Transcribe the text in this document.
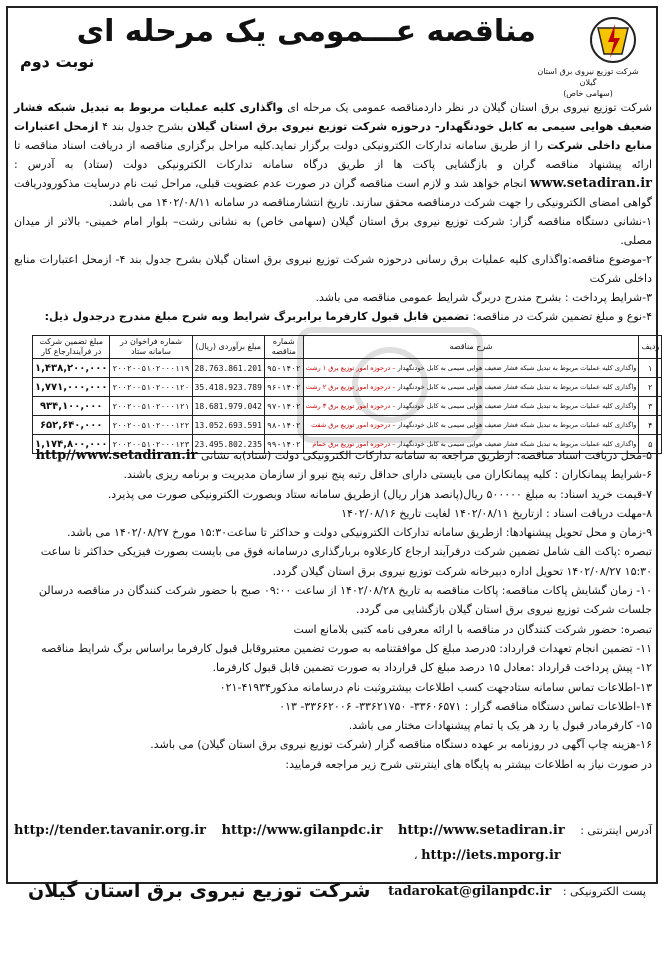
مناقصه عـــمومی یک مرحله ای
نوبت دوم
شرکت توزیع نیروی برق استان گیلان
(سهامی خاص)

شرکت توزیع نیروی برق استان گیلان در نظر داردمناقصه عمومی یک مرحله ای واگذاری کلیه عملیات مربوط به تبدیل شبکه فشار ضعیف هوایی سیمی به کابل خودنگهدار- درحوزه شرکت توزیع نیروی برق استان گیلان بشرح جدول بند ۴ ازمحل اعتبارات منابع داخلی شرکت را از طریق سامانه تدارکات الکترونیکی دولت برگزار نماید.کلیه مراحل برگزاری مناقصه از دریافت اسناد مناقصه تا ارائه پیشنهاد مناقصه گران و بازگشایی پاکت ها از طریق درگاه سامانه تدارکات الکترونیکی دولت (ستاد) به آدرس : www.setadiran.ir انجام خواهد شد و لازم است مناقصه گران در صورت عدم عضویت قبلی، مراحل ثبت نام درسایت مذکورودریافت گواهی امضای الکترونیکی را جهت شرکت درمناقصه محقق سازند. تاریخ انتشارمناقصه در سامانه ۱۴۰۲/۰۸/۱۱ می باشد.

۱-نشانی دستگاه مناقصه گزار: شرکت توزیع نیروی برق استان گیلان (سهامی خاص) به نشانی رشت– بلوار امام خمینی- بالاتر از میدان مصلی.

۲-موضوع مناقصه:واگذاری کلیه عملیات برق رسانی درحوزه شرکت توزیع نیروی برق استان گیلان بشرح جدول بند ۴- ازمحل اعتبارات منابع داخلی شرکت

۳-شرایط پرداخت : بشرح مندرج دربرگ شرایط عمومی مناقصه می باشد.

۴-نوع و مبلغ تضمین شرکت در مناقصه: تضمین قابل قبول کارفرما برابربرگ شرایط وبه شرح مبلغ مندرج درجدول ذیل:

ردیف	شرح مناقصه	شماره مناقصه	مبلغ برآوردی (ریال)	شماره فراخوان در سامانه ستاد	مبلغ تضمین شرکت در فرآیندارجاع کار
۱	واگذاری کلیه عملیات مربوط به تبدیل شبکه فشار ضعیف هوایی سیمی به کابل خودنگهدار – درحوزه امور توزیع برق ۱ رشت	۹۵-۱۴۰۲	28.763.861.201	۲۰۰۲۰۰۵۱۰۲۰۰۰۱۱۹	۱,۴۳۸,۲۰۰,۰۰۰
۲	واگذاری کلیه عملیات مربوط به تبدیل شبکه فشار ضعیف هوایی سیمی به کابل خودنگهدار – درحوزه امور توزیع برق ۲ رشت	۹۶-۱۴۰۲	35.418.923.789	۲۰۰۲۰۰۵۱۰۲۰۰۰۱۲۰	۱,۷۷۱,۰۰۰,۰۰۰
۳	واگذاری کلیه عملیات مربوط به تبدیل شبکه فشار ضعیف هوایی سیمی به کابل خودنگهدار – درحوزه امور توزیع برق ۳ رشت	۹۷-۱۴۰۲	18.681.979.042	۲۰۰۲۰۰۵۱۰۲۰۰۰۱۲۱	۹۳۴,۱۰۰,۰۰۰
۴	واگذاری کلیه عملیات مربوط به تبدیل شبکه فشار ضعیف هوایی سیمی به کابل خودنگهدار – درحوزه امور توزیع برق شفت	۹۸-۱۴۰۲	13.052.693.591	۲۰۰۲۰۰۵۱۰۲۰۰۰۱۲۲	۶۵۲,۶۴۰,۰۰۰
۵	واگذاری کلیه عملیات مربوط به تبدیل شبکه فشار ضعیف هوایی سیمی به کابل خودنگهدار – درحوزه امور توزیع برق خمام	۹۹-۱۴۰۲	23.495.802.235	۲۰۰۲۰۰۵۱۰۲۰۰۰۱۲۳	۱,۱۷۴,۸۰۰,۰۰۰

۵-محل دریافت اسناد مناقصه: ازطریق مراجعه به سامانه تدارکات الکترونیکی دولت (ستاد)به نشانی http//www.setadiran.ir

۶-شرایط پیمانکاران : کلیه پیمانکاران می بایستی دارای حداقل رتبه پنج نیرو از سازمان مدیریت و برنامه ریزی باشند.

۷-قیمت خرید اسناد: به مبلغ ۵۰۰۰۰۰ ریال(پانصد هزار ریال) ازطریق سامانه ستاد وبصورت الکترونیکی صورت می پذیرد.

۸-مهلت دریافت اسناد : ازتاریخ ۱۴۰۲/۰۸/۱۱ لغایت تاریخ ۱۴۰۲/۰۸/۱۶

۹-زمان و محل تحویل پیشنهادها: ازطریق سامانه تدارکات الکترونیکی دولت و حداکثر تا ساعت۱۵:۳۰ مورخ ۱۴۰۲/۰۸/۲۷ می باشد.

تبصره :پاکت الف شامل تضمین شرکت درفرآیند ارجاع کارعلاوه بربارگذاری درسامانه فوق می بایست بصورت فیزیکی حداکثر تا ساعت ۱۵:۳۰ ۱۴۰۲/۰۸/۲۷ تحویل اداره دبیرخانه شرکت توزیع نیروی برق استان گیلان گردد.

۱۰- زمان گشایش پاکات مناقصه: پاکات مناقصه به تاریخ ۱۴۰۲/۰۸/۲۸ از ساعت ۰۹:۰۰ صبح با حضور شرکت کنندگان در مناقصه درسالن جلسات شرکت توزیع نیروی برق استان گیلان بازگشایی می گردد.

تبصره: حضور شرکت کنندگان در مناقصه با ارائه معرفی نامه کتبی بلامانع است

۱۱- تضمین انجام تعهدات قرارداد: ۵درصد مبلغ کل موافقتنامه به صورت تضمین معتبروقابل قبول کارفرما براساس برگ شرایط مناقصه

۱۲- پیش پرداخت قرارداد :معادل ۱۵ درصد مبلغ کل قرارداد به صورت تضمین قابل قبول کارفرما.

۱۳-اطلاعات تماس سامانه ستادجهت کسب اطلاعات بیشتروثبت نام درسامانه مذکور۴۱۹۳۴-۰۲۱

۱۴-اطلاعات تماس دستگاه مناقصه گزار : ۳۳۶۰۶۵۷۱- ۳۳۶۲۱۷۵۰- ۳۳۶۶۲۰۰۶- ۰۱۳

۱۵- کارفرمادر قبول یا رد هر یک یا تمام پیشنهادات مختار می باشد.

۱۶-هزینه چاپ آگهی در روزنامه بر عهده دستگاه مناقصه گزار (شرکت توزیع نیروی برق استان گیلان) می باشد.

در صورت نیاز به اطلاعات بیشتر به پایگاه های اینترنتی شرح زیر مراجعه فرمایید:

آدرس اینترنتی :
http://www.setadiran.ir
http://www.gilanpdc.ir
http://tender.tavanir.org.ir
http://iets.mporg.ir ،
شرکت توزیع نیروی برق استان گیلان	پست الکترونیکی : tadarokat@gilanpdc.ir
